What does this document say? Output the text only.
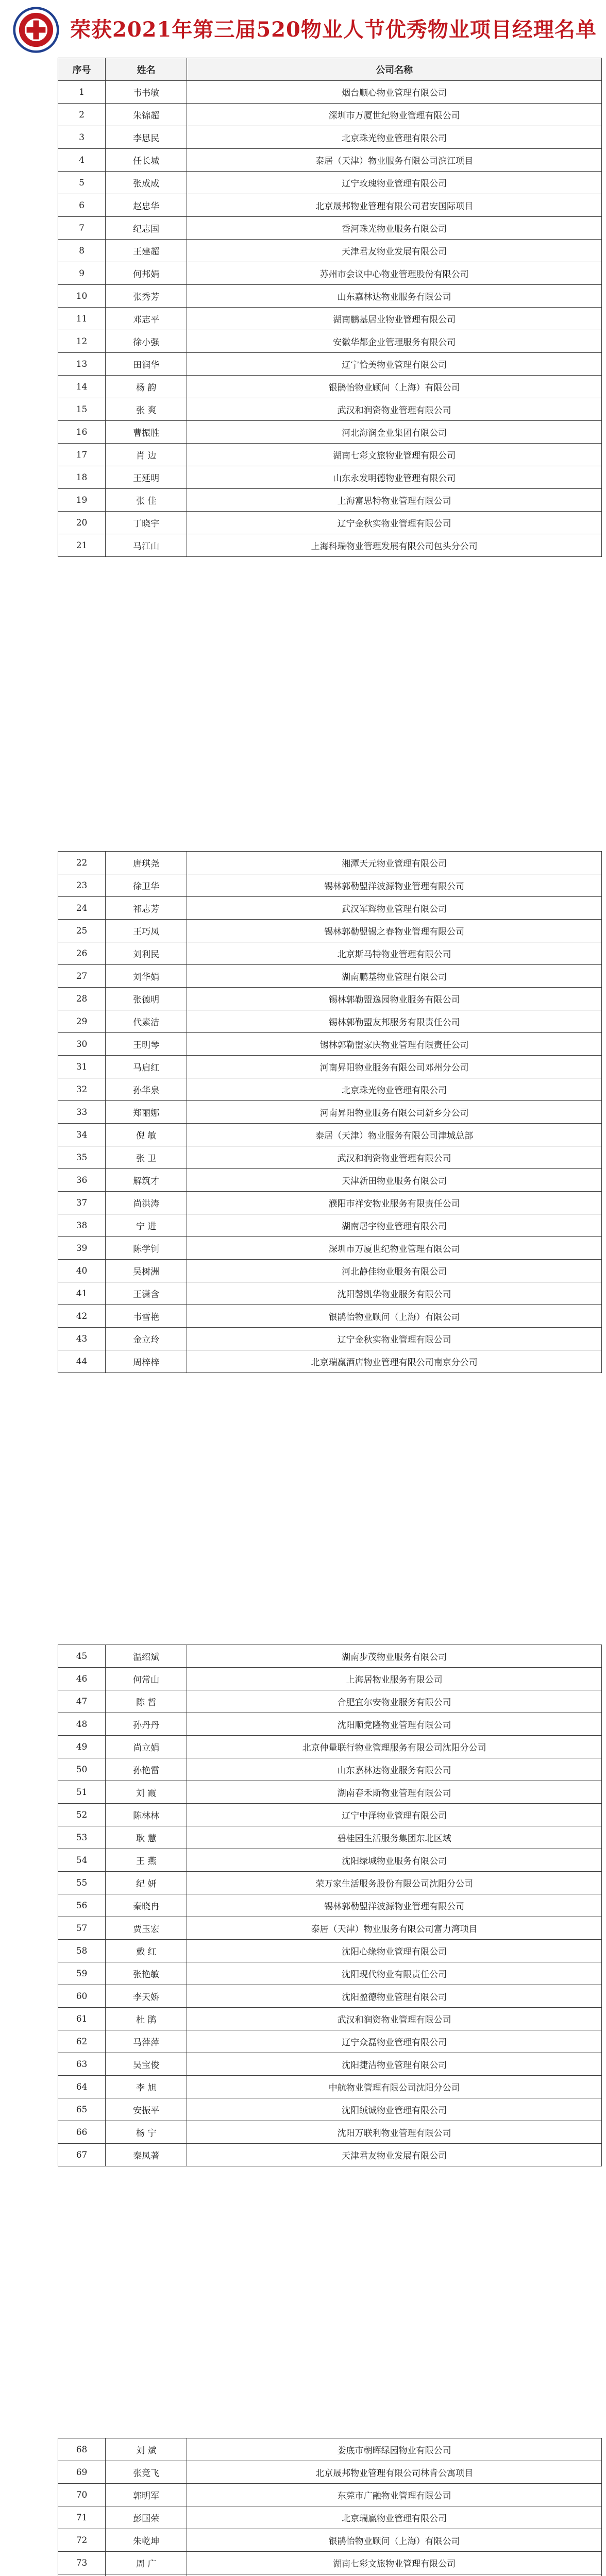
荣获2021年第三届520物业人节优秀物业项目经理名单
序号	姓名	公司名称
1	韦书敏	烟台顺心物业管理有限公司
2	朱锦超	深圳市万厦世纪物业管理有限公司
3	李思民	北京珠光物业管理有限公司
4	任长城	泰居（天津）物业服务有限公司滨江项目
5	张成成	辽宁玫瑰物业管理有限公司
6	赵忠华	北京晟邦物业管理有限公司君安国际项目
7	纪志国	香河珠光物业服务有限公司
8	王建超	天津君友物业发展有限公司
9	何邦娟	苏州市会议中心物业管理股份有限公司
10	张秀芳	山东嘉林达物业服务有限公司
11	邓志平	湖南鹏基居业物业管理有限公司
12	徐小强	安徽华都企业管理服务有限公司
13	田润华	辽宁恰美物业管理有限公司
14	杨 韵	银鹃怡物业顾问（上海）有限公司
15	张 爽	武汉和润资物业管理有限公司
16	曹振胜	河北海润金业集团有限公司
17	肖 边	湖南七彩文旅物业管理有限公司
18	王延明	山东永发明德物业管理有限公司
19	张 佳	上海富思特物业管理有限公司
20	丁晓宇	辽宁金秋实物业管理有限公司
21	马江山	上海科瑞物业管理发展有限公司包头分公司
22	唐琪尧	湘潭天元物业管理有限公司
23	徐卫华	锡林郭勒盟洋波源物业管理有限公司
24	祁志芳	武汉军辉物业管理有限公司
25	王巧凤	锡林郭勒盟锡之春物业管理有限公司
26	刘利民	北京斯马特物业管理有限公司
27	刘华娟	湖南鹏基物业管理有限公司
28	张德明	锡林郭勒盟逸园物业服务有限公司
29	代素洁	锡林郭勒盟友邦服务有限责任公司
30	王明琴	锡林郭勒盟家庆物业管理有限责任公司
31	马启红	河南昇阳物业服务有限公司邓州分公司
32	孙华泉	北京珠光物业管理有限公司
33	郑丽娜	河南昇阳物业服务有限公司新乡分公司
34	倪 敏	泰居（天津）物业服务有限公司津城总部
35	张 卫	武汉和润资物业管理有限公司
36	解筑才	天津新田物业服务有限公司
37	尚洪涛	濮阳市祥安物业服务有限责任公司
38	宁 进	湖南居宇物业管理有限公司
39	陈学钊	深圳市万厦世纪物业管理有限公司
40	吴树洲	河北静佳物业服务有限公司
41	王潇含	沈阳馨凯华物业服务有限公司
42	韦雪艳	银鹃怡物业顾问（上海）有限公司
43	金立玲	辽宁金秋实物业管理有限公司
44	周梓梓	北京瑞赢酒店物业管理有限公司南京分公司
45	温绍斌	湖南步茂物业服务有限公司
46	何常山	上海居物业服务有限公司
47	陈 哲	合肥宜尔安物业服务有限公司
48	孙丹丹	沈阳顺党隆物业管理有限公司
49	尚立娟	北京仲量联行物业管理服务有限公司沈阳分公司
50	孙艳雷	山东嘉林达物业服务有限公司
51	刘 霞	湖南春禾斯物业管理有限公司
52	陈林林	辽宁中泽物业管理有限公司
53	耿 慧	碧桂园生活服务集团东北区域
54	王 燕	沈阳绿城物业服务有限公司
55	纪 妍	荣万家生活服务股份有限公司沈阳分公司
56	秦晓冉	锡林郭勒盟洋波源物业管理有限公司
57	贾玉宏	泰居（天津）物业服务有限公司富力湾项目
58	戴 红	沈阳心缘物业管理有限公司
59	张艳敏	沈阳现代物业有限责任公司
60	李天娇	沈阳盈德物业管理有限公司
61	杜 鹃	武汉和润资物业管理有限公司
62	马萍萍	辽宁众磊物业管理有限公司
63	吴宝俊	沈阳捷洁物业管理有限公司
64	李 旭	中航物业管理有限公司沈阳分公司
65	安振平	沈阳绒诚物业管理有限公司
66	杨 宁	沈阳万联利物业管理有限公司
67	秦凤著	天津君友物业发展有限公司
68	刘 斌	娄底市朝晖绿园物业有限公司
69	张竞飞	北京晟邦物业管理有限公司林肯公寓项目
70	郭明军	东莞市广融物业管理有限公司
71	彭国荣	北京瑞赢物业管理有限公司
72	朱乾坤	银鹃怡物业顾问（上海）有限公司
73	周 广	湖南七彩文旅物业管理有限公司
